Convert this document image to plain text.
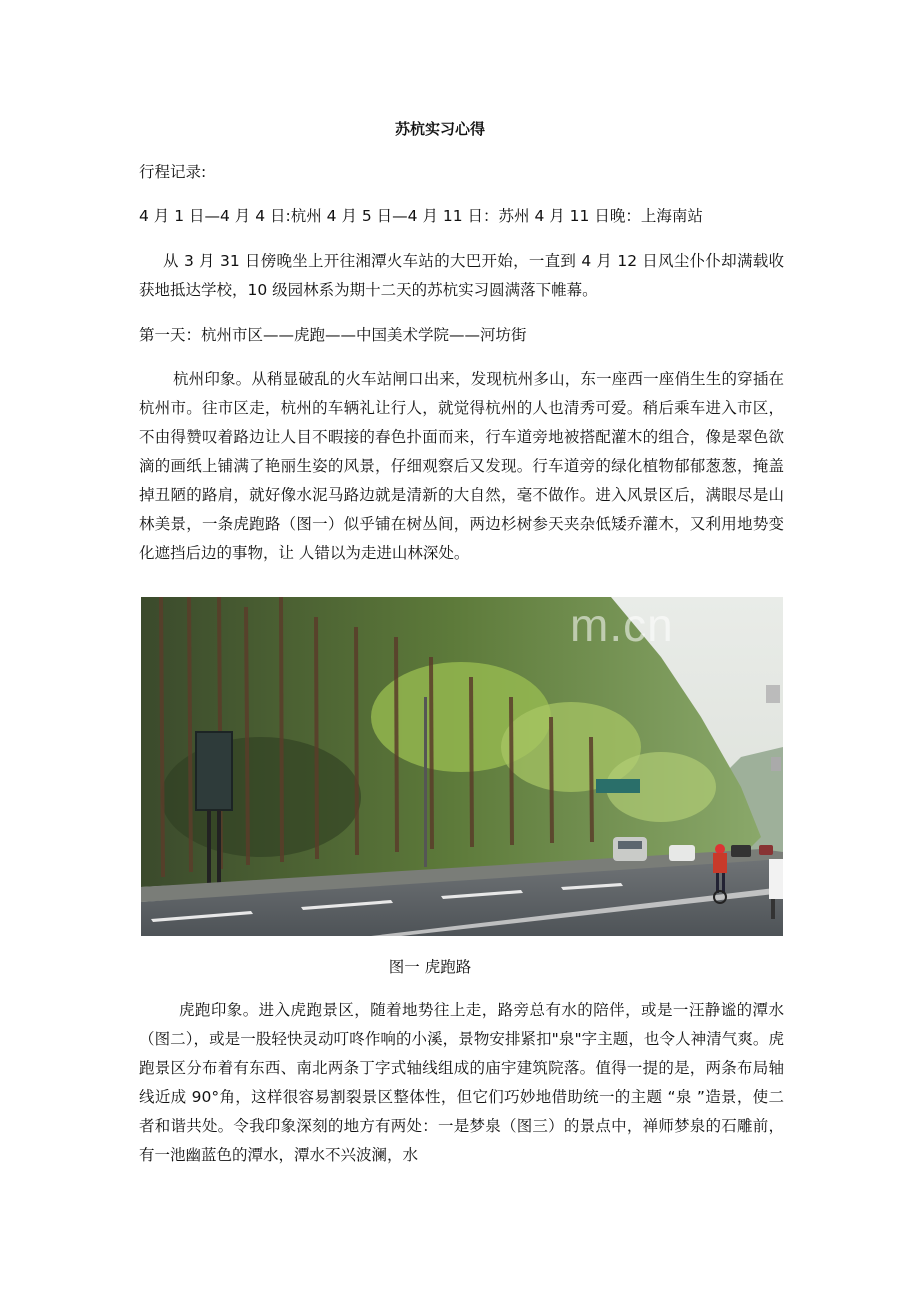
苏杭实习心得
行程记录:
4 月 1 日—4 月 4 日:杭州 4 月 5 日—4 月 11 日：苏州 4 月 11 日晚：上海南站
从 3 月 31 日傍晚坐上开往湘潭火车站的大巴开始，一直到 4 月 12 日风尘仆仆却满载收获地抵达学校，10 级园林系为期十二天的苏杭实习圆满落下帷幕。
第一天：杭州市区——虎跑——中国美术学院——河坊街
杭州印象。从稍显破乱的火车站闸口出来，发现杭州多山，东一座西一座俏生生的穿插在杭州市。往市区走，杭州的车辆礼让行人，就觉得杭州的人也清秀可爱。稍后乘车进入市区，不由得赞叹着路边让人目不暇接的春色扑面而来，行车道旁地被搭配灌木的组合，像是翠色欲滴的画纸上铺满了艳丽生姿的风景，仔细观察后又发现。行车道旁的绿化植物郁郁葱葱，掩盖掉丑陋的路肩，就好像水泥马路边就是清新的大自然，毫不做作。进入风景区后，满眼尽是山林美景，一条虎跑路（图一）似乎铺在树丛间，两边杉树参天夹杂低矮乔灌木，又利用地势变化遮挡后边的事物，让 人错以为走进山林深处。
m.cn
图一 虎跑路
虎跑印象。进入虎跑景区，随着地势往上走，路旁总有水的陪伴，或是一汪静谧的潭水（图二），或是一股轻快灵动叮咚作响的小溪，景物安排紧扣"泉"字主题，也令人神清气爽。虎跑景区分布着有东西、南北两条丁字式轴线组成的庙宇建筑院落。值得一提的是，两条布局轴线近成 90°角，这样很容易割裂景区整体性，但它们巧妙地借助统一的主题 “泉 ”造景，使二者和谐共处。令我印象深刻的地方有两处：一是梦泉（图三）的景点中，禅师梦泉的石雕前，有一池幽蓝色的潭水，潭水不兴波澜，水
